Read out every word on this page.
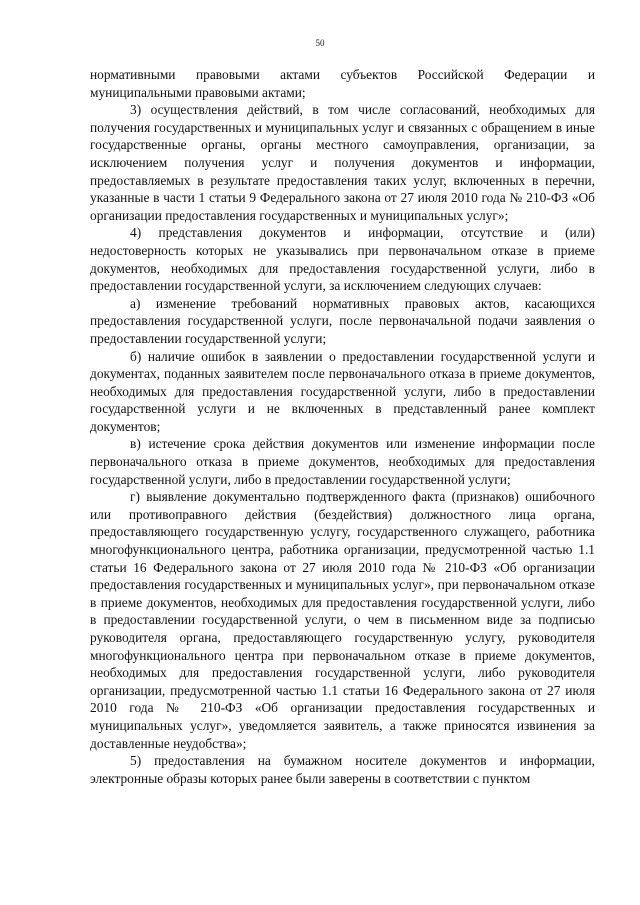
50

нормативными правовыми актами субъектов Российской Федерации и муниципальными правовыми актами;

3) осуществления действий, в том числе согласований, необходимых для получения государственных и муниципальных услуг и связанных с обращением в иные государственные органы, органы местного самоуправления, организации, за исключением получения услуг и получения документов и информации, предоставляемых в результате предоставления таких услуг, включенных в перечни, указанные в части 1 статьи 9 Федерального закона от 27 июля 2010 года № 210-ФЗ «Об организации предоставления государственных и муниципальных услуг»;

4) представления документов и информации, отсутствие и (или) недостоверность которых не указывались при первоначальном отказе в приеме документов, необходимых для предоставления государственной услуги, либо в предоставлении государственной услуги, за исключением следующих случаев:

а) изменение требований нормативных правовых актов, касающихся предоставления государственной услуги, после первоначальной подачи заявления о предоставлении государственной услуги;

б) наличие ошибок в заявлении о предоставлении государственной услуги и документах, поданных заявителем после первоначального отказа в приеме документов, необходимых для предоставления государственной услуги, либо в предоставлении государственной услуги и не включенных в представленный ранее комплект документов;

в) истечение срока действия документов или изменение информации после первоначального отказа в приеме документов, необходимых для предоставления государственной услуги, либо в предоставлении государственной услуги;

г) выявление документально подтвержденного факта (признаков) ошибочного или противоправного действия (бездействия) должностного лица органа, предоставляющего государственную услугу, государственного служащего, работника многофункционального центра, работника организации, предусмотренной частью 1.1 статьи 16 Федерального закона от 27 июля 2010 года № 210-ФЗ «Об организации предоставления государственных и муниципальных услуг», при первоначальном отказе в приеме документов, необходимых для предоставления государственной услуги, либо в предоставлении государственной услуги, о чем в письменном виде за подписью руководителя органа, предоставляющего государственную услугу, руководителя многофункционального центра при первоначальном отказе в приеме документов, необходимых для предоставления государственной услуги, либо руководителя организации, предусмотренной частью 1.1 статьи 16 Федерального закона от 27 июля 2010 года № 210-ФЗ «Об организации предоставления государственных и муниципальных услуг», уведомляется заявитель, а также приносятся извинения за доставленные неудобства»;

5) предоставления на бумажном носителе документов и информации, электронные образы которых ранее были заверены в соответствии с пунктом
